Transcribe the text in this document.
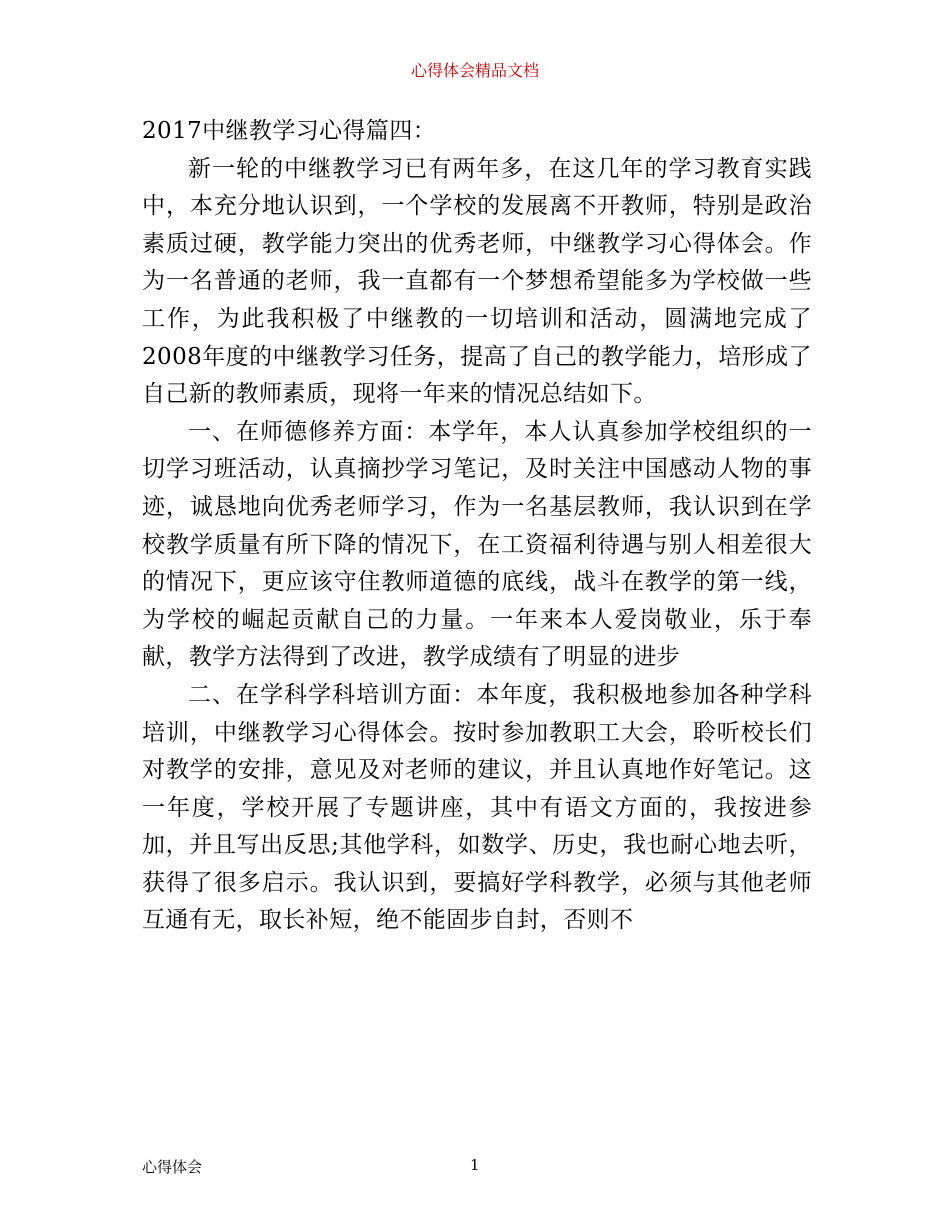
心得体会精品文档

2017中继教学习心得篇四：

新一轮的中继教学习已有两年多，在这几年的学习教育实践中，本充分地认识到，一个学校的发展离不开教师，特别是政治素质过硬，教学能力突出的优秀老师，中继教学习心得体会。作为一名普通的老师，我一直都有一个梦想希望能多为学校做一些工作，为此我积极了中继教的一切培训和活动，圆满地完成了2008年度的中继教学习任务，提高了自己的教学能力，培形成了自己新的教师素质，现将一年来的情况总结如下。

一、在师德修养方面：本学年，本人认真参加学校组织的一切学习班活动，认真摘抄学习笔记，及时关注中国感动人物的事迹，诚恳地向优秀老师学习，作为一名基层教师，我认识到在学校教学质量有所下降的情况下，在工资福利待遇与别人相差很大的情况下，更应该守住教师道德的底线，战斗在教学的第一线，为学校的崛起贡献自己的力量。一年来本人爱岗敬业，乐于奉献，教学方法得到了改进，教学成绩有了明显的进步

二、在学科学科培训方面：本年度，我积极地参加各种学科培训，中继教学习心得体会。按时参加教职工大会，聆听校长们对教学的安排，意见及对老师的建议，并且认真地作好笔记。这一年度，学校开展了专题讲座，其中有语文方面的，我按进参加，并且写出反思;其他学科，如数学、历史，我也耐心地去听，获得了很多启示。我认识到，要搞好学科教学，必须与其他老师互通有无，取长补短，绝不能固步自封，否则不

心得体会	1
